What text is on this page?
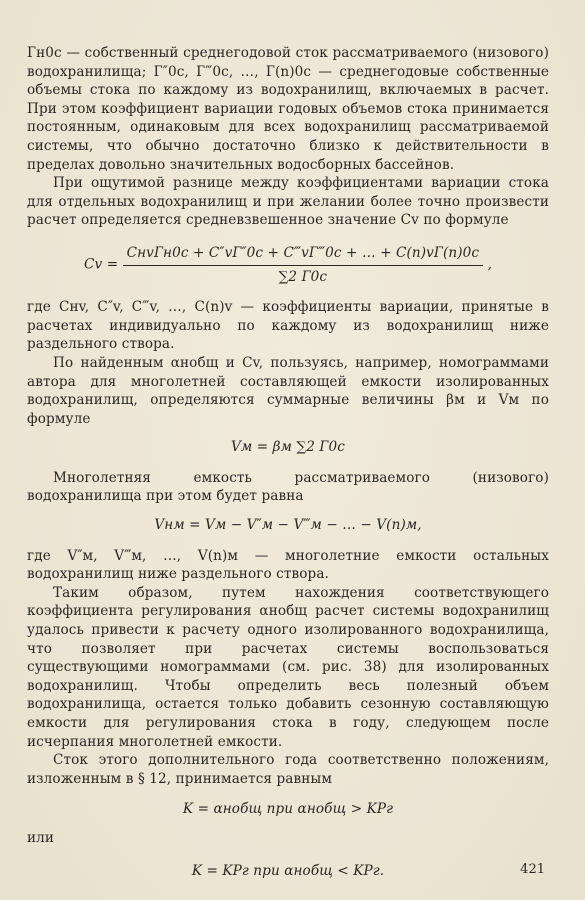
Гн0с — собственный среднегодовой сток рассматриваемого (низового) водохранилища; Г″0с, Г‴0с, …, Г(n)0с — среднегодовые собственные объемы стока по каждому из водохранилищ, включаемых в расчет. При этом коэффициент вариации годовых объемов стока принимается постоянным, одинаковым для всех водохранилищ рассматриваемой системы, что обычно достаточно близко к действительности в пределах довольно значительных водосборных бассейнов.

При ощутимой разнице между коэффициентами вариации стока для отдельных водохранилищ и при желании более точно произвести расчет определяется средневзвешенное значение Cv по формуле

$Cv = \frac{\text{CнvГн0с + C″vГ″0с + C‴vГ‴0с + … + C(n)vГ(n)0с}}{\sum 2 Г0с}$ ,

где Cнv, C″v, C‴v, …, C(n)v — коэффициенты вариации, принятые в расчетах индивидуально по каждому из водохранилищ ниже раздельного створа.

По найденным αнобщ и Cv, пользуясь, например, номограммами автора для многолетней составляющей емкости изолированных водохранилищ, определяются суммарные величины βм и Vм по формуле

Vм = βм ∑2 Г0с

Многолетняя емкость рассматриваемого (низового) водохранилища при этом будет равна

Vнм = Vм − V″м − V‴м − … − V(n)м,

где V″м, V‴м, …, V(n)м — многолетние емкости остальных водохранилищ ниже раздельного створа.

Таким образом, путем нахождения соответствующего коэффициента регулирования αнобщ расчет системы водохранилищ удалось привести к расчету одного изолированного водохранилища, что позволяет при расчетах системы воспользоваться существующими номограммами (см. рис. 38) для изолированных водохранилищ. Чтобы определить весь полезный объем водохранилища, остается только добавить сезонную составляющую емкости для регулирования стока в году, следующем после исчерпания многолетней емкости.

Сток этого дополнительного года соответственно положениям, изложенным в § 12, принимается равным

K = αнобщ при αнобщ > KPг

или

K = KPг при αнобщ < KPг.	421
